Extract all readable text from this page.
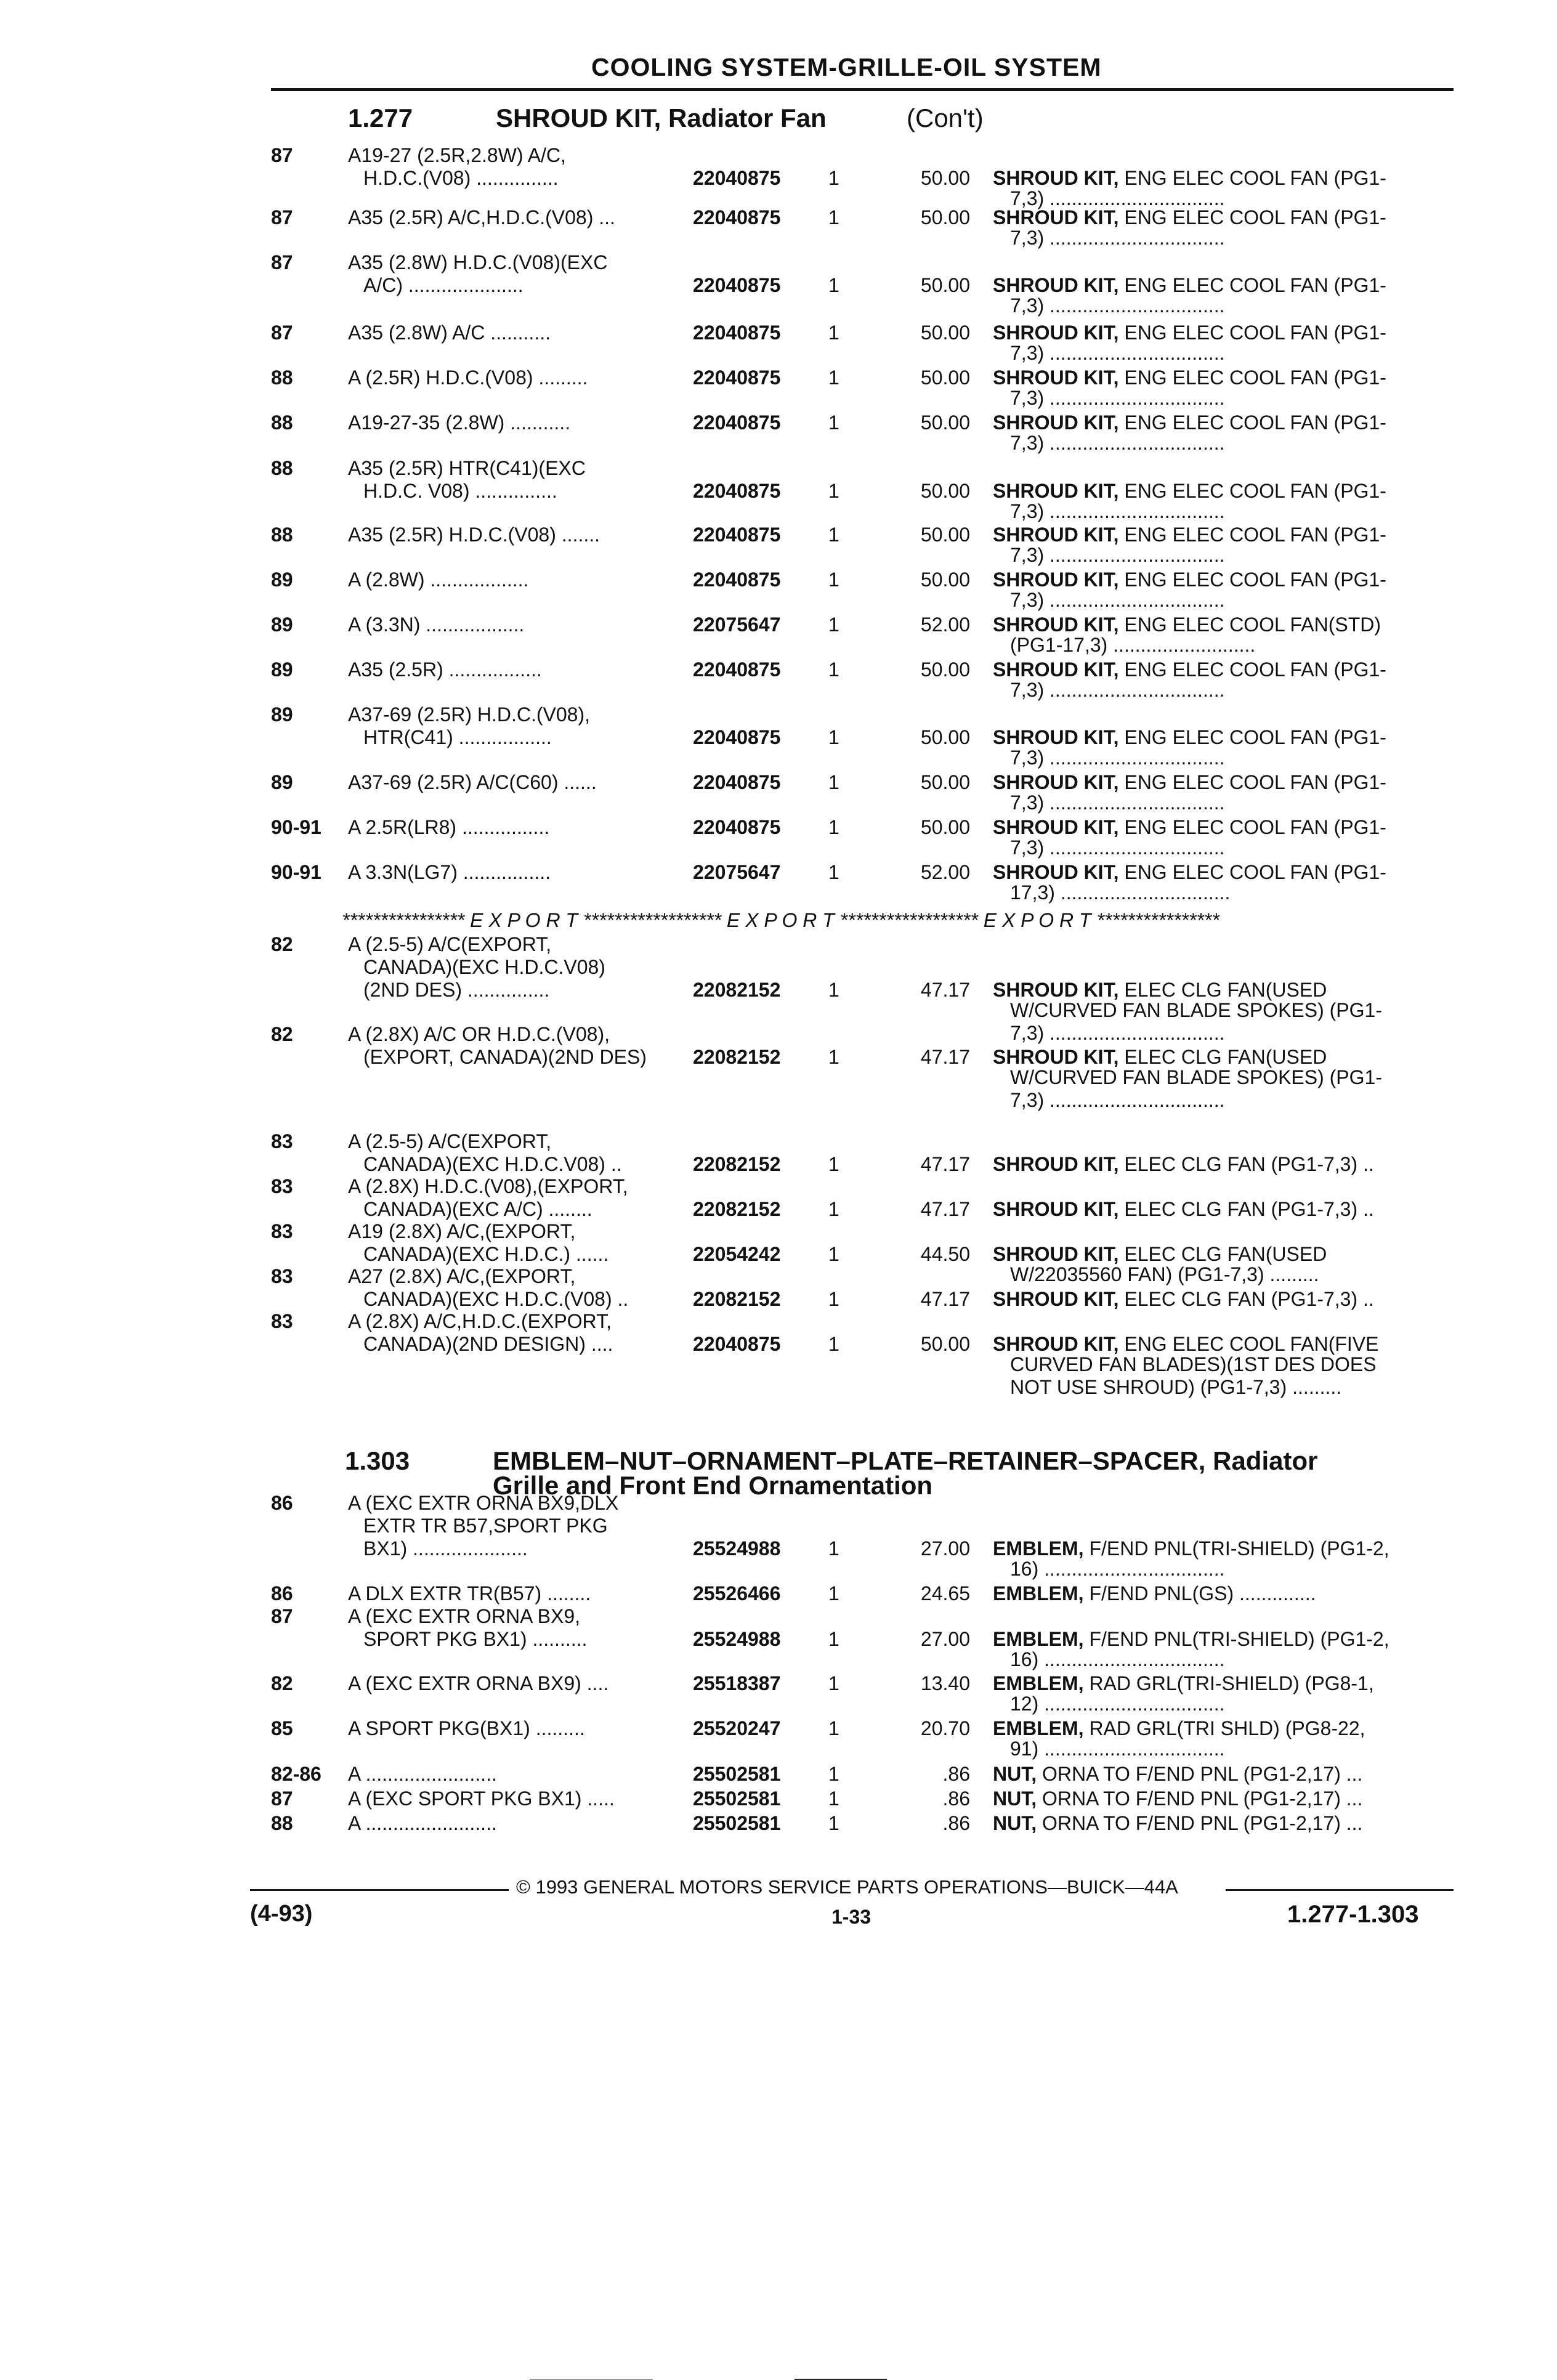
COOLING SYSTEM-GRILLE-OIL SYSTEM
1.277	SHROUD KIT, Radiator Fan	(Con't)
**************** E X P O R T ****************** E X P O R T ****************** E X P O R T ****************
1.303	EMBLEM–NUT–ORNAMENT–PLATE–RETAINER–SPACER, Radiator
Grille and Front End Ornamentation
87	A19-27 (2.5R,2.8W) A/C,
H.D.C.(V08) ...............	22040875	1	50.00 SHROUD KIT, ENG ELEC COOL FAN (PG1-
7,3) ................................
87	A35 (2.5R) A/C,H.D.C.(V08) ...	22040875	1	50.00 SHROUD KIT, ENG ELEC COOL FAN (PG1-
7,3) ................................
87	A35 (2.8W) H.D.C.(V08)(EXC
A/C) .....................	22040875	1	50.00 SHROUD KIT, ENG ELEC COOL FAN (PG1-
7,3) ................................
87	A35 (2.8W) A/C ...........	22040875	1	50.00 SHROUD KIT, ENG ELEC COOL FAN (PG1-
7,3) ................................
88	A (2.5R) H.D.C.(V08) .........	22040875	1	50.00 SHROUD KIT, ENG ELEC COOL FAN (PG1-
7,3) ................................
88	A19-27-35 (2.8W) ...........	22040875	1	50.00 SHROUD KIT, ENG ELEC COOL FAN (PG1-
7,3) ................................
88	A35 (2.5R) HTR(C41)(EXC
H.D.C. V08) ...............	22040875	1	50.00 SHROUD KIT, ENG ELEC COOL FAN (PG1-
7,3) ................................
88	A35 (2.5R) H.D.C.(V08) .......	22040875	1	50.00 SHROUD KIT, ENG ELEC COOL FAN (PG1-
7,3) ................................
89	A (2.8W) ..................	22040875	1	50.00 SHROUD KIT, ENG ELEC COOL FAN (PG1-
7,3) ................................
89	A (3.3N) ..................	22075647	1	52.00 SHROUD KIT, ENG ELEC COOL FAN(STD)
(PG1-17,3) ..........................
89	A35 (2.5R) .................	22040875	1	50.00 SHROUD KIT, ENG ELEC COOL FAN (PG1-
7,3) ................................
89	A37-69 (2.5R) H.D.C.(V08),
HTR(C41) .................	22040875	1	50.00 SHROUD KIT, ENG ELEC COOL FAN (PG1-
7,3) ................................
89	A37-69 (2.5R) A/C(C60) ......	22040875	1	50.00 SHROUD KIT, ENG ELEC COOL FAN (PG1-
7,3) ................................
90-91	A 2.5R(LR8) ................	22040875	1	50.00 SHROUD KIT, ENG ELEC COOL FAN (PG1-
7,3) ................................
90-91	A 3.3N(LG7) ................	22075647	1	52.00 SHROUD KIT, ENG ELEC COOL FAN (PG1-
17,3) ...............................
82	A (2.5-5) A/C(EXPORT,
CANADA)(EXC H.D.C.V08)
(2ND DES) ...............	22082152	1	47.17 SHROUD KIT, ELEC CLG FAN(USED
W/CURVED FAN BLADE SPOKES) (PG1-
7,3) ................................
82	A (2.8X) A/C OR H.D.C.(V08),
(EXPORT, CANADA)(2ND DES)	22082152	1	47.17 SHROUD KIT, ELEC CLG FAN(USED
W/CURVED FAN BLADE SPOKES) (PG1-
7,3) ................................
83	A (2.5-5) A/C(EXPORT,
CANADA)(EXC H.D.C.V08) ..	22082152	1	47.17 SHROUD KIT, ELEC CLG FAN (PG1-7,3) ..
83	A (2.8X) H.D.C.(V08),(EXPORT,
CANADA)(EXC A/C) ........	22082152	1	47.17 SHROUD KIT, ELEC CLG FAN (PG1-7,3) ..
83	A19 (2.8X) A/C,(EXPORT,
CANADA)(EXC H.D.C.) ......	22054242	1	44.50 SHROUD KIT, ELEC CLG FAN(USED
W/22035560 FAN) (PG1-7,3) .........
83	A27 (2.8X) A/C,(EXPORT,
CANADA)(EXC H.D.C.(V08) ..	22082152	1	47.17 SHROUD KIT, ELEC CLG FAN (PG1-7,3) ..
83	A (2.8X) A/C,H.D.C.(EXPORT,
CANADA)(2ND DESIGN) ....	22040875	1	50.00 SHROUD KIT, ENG ELEC COOL FAN(FIVE
CURVED FAN BLADES)(1ST DES DOES
NOT USE SHROUD) (PG1-7,3) .........
86	A (EXC EXTR ORNA BX9,DLX
EXTR TR B57,SPORT PKG
BX1) .....................	25524988	1	27.00 EMBLEM, F/END PNL(TRI-SHIELD) (PG1-2,
16) .................................
86	A DLX EXTR TR(B57) ........	25526466	1	24.65 EMBLEM, F/END PNL(GS) ..............
87	A (EXC EXTR ORNA BX9,
SPORT PKG BX1) ..........	25524988	1	27.00 EMBLEM, F/END PNL(TRI-SHIELD) (PG1-2,
16) .................................
82	A (EXC EXTR ORNA BX9) ....	25518387	1	13.40 EMBLEM, RAD GRL(TRI-SHIELD) (PG8-1,
12) .................................
85	A SPORT PKG(BX1) .........	25520247	1	20.70 EMBLEM, RAD GRL(TRI SHLD) (PG8-22,
91) .................................
82-86	A ........................	25502581	1	.86 NUT, ORNA TO F/END PNL (PG1-2,17) ...
87	A (EXC SPORT PKG BX1) .....	25502581	1	.86 NUT, ORNA TO F/END PNL (PG1-2,17) ...
88	A ........................	25502581	1	.86 NUT, ORNA TO F/END PNL (PG1-2,17) ...
© 1993 GENERAL MOTORS SERVICE PARTS OPERATIONS—BUICK—44A
(4-93)	1-33	1.277-1.303
